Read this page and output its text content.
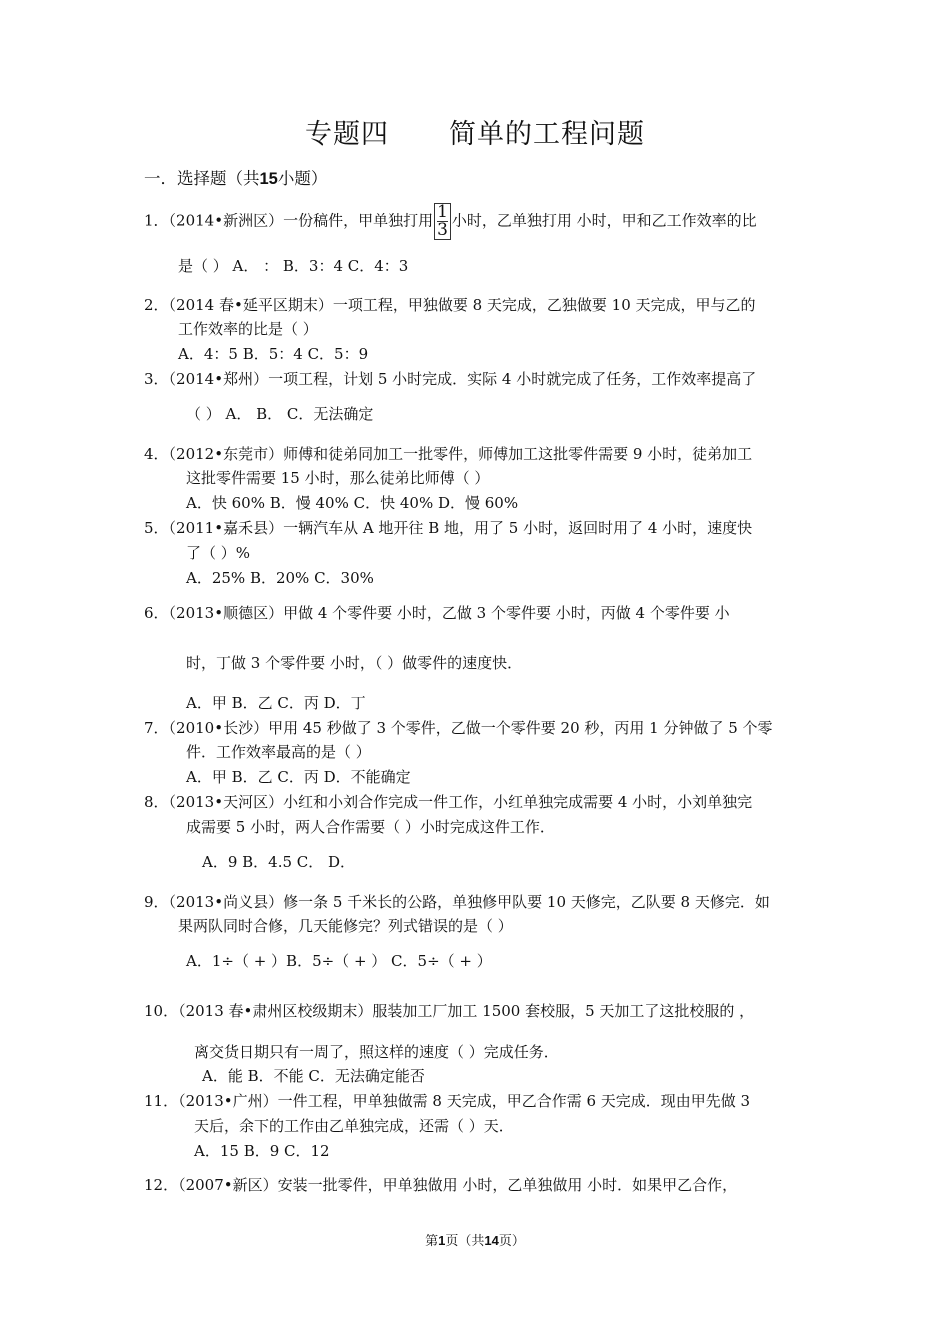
专题四 简单的工程问题
一．选择题（共15小题）
1．（2014•新洲区）一份稿件，甲单独打用 $\frac{1}{3}$ 小时，乙单独打用 小时，甲和乙工作效率的比
是（ ） A． ： B．3：4 C．4：3
2．（2014 春•延平区期末）一项工程，甲独做要 8 天完成，乙独做要 10 天完成，甲与乙的
工作效率的比是（ ）
A．4：5 B．5：4 C．5：9
3．（2014•郑州）一项工程，计划 5 小时完成．实际 4 小时就完成了任务，工作效率提高了
（ ） A． B． C．无法确定
4．（2012•东莞市）师傅和徒弟同加工一批零件，师傅加工这批零件需要 9 小时，徒弟加工
这批零件需要 15 小时，那么徒弟比师傅（ ）
A．快 60% B．慢 40% C．快 40% D．慢 60%
5．（2011•嘉禾县）一辆汽车从 A 地开往 B 地，用了 5 小时，返回时用了 4 小时，速度快
了（ ）%
A．25% B．20% C．30%
6．（2013•顺德区）甲做 4 个零件要 小时，乙做 3 个零件要 小时，丙做 4 个零件要 小
时，丁做 3 个零件要 小时，（ ）做零件的速度快．
A．甲 B．乙 C．丙 D．丁
7．（2010•长沙）甲用 45 秒做了 3 个零件，乙做一个零件要 20 秒，丙用 1 分钟做了 5 个零
件．工作效率最高的是（ ）
A．甲 B．乙 C．丙 D．不能确定
8．（2013•天河区）小红和小刘合作完成一件工作，小红单独完成需要 4 小时，小刘单独完
成需要 5 小时，两人合作需要（ ）小时完成这件工作．
A．9 B．4.5 C． D．
9．（2013•尚义县）修一条 5 千米长的公路，单独修甲队要 10 天修完，乙队要 8 天修完．如
果两队同时合修，几天能修完？列式错误的是（ ）
A．1÷（ + ）B．5÷（ + ） C．5÷（ + ）
10．（2013 春•肃州区校级期末）服装加工厂加工 1500 套校服，5 天加工了这批校服的 ，
离交货日期只有一周了，照这样的速度（ ）完成任务．
A．能 B．不能 C．无法确定能否
11．（2013•广州）一件工程，甲单独做需 8 天完成，甲乙合作需 6 天完成．现由甲先做 3
天后，余下的工作由乙单独完成，还需（ ）天．
A．15 B．9 C．12
12．（2007•新区）安装一批零件，甲单独做用 小时，乙单独做用 小时．如果甲乙合作，
第1页（共14页）
